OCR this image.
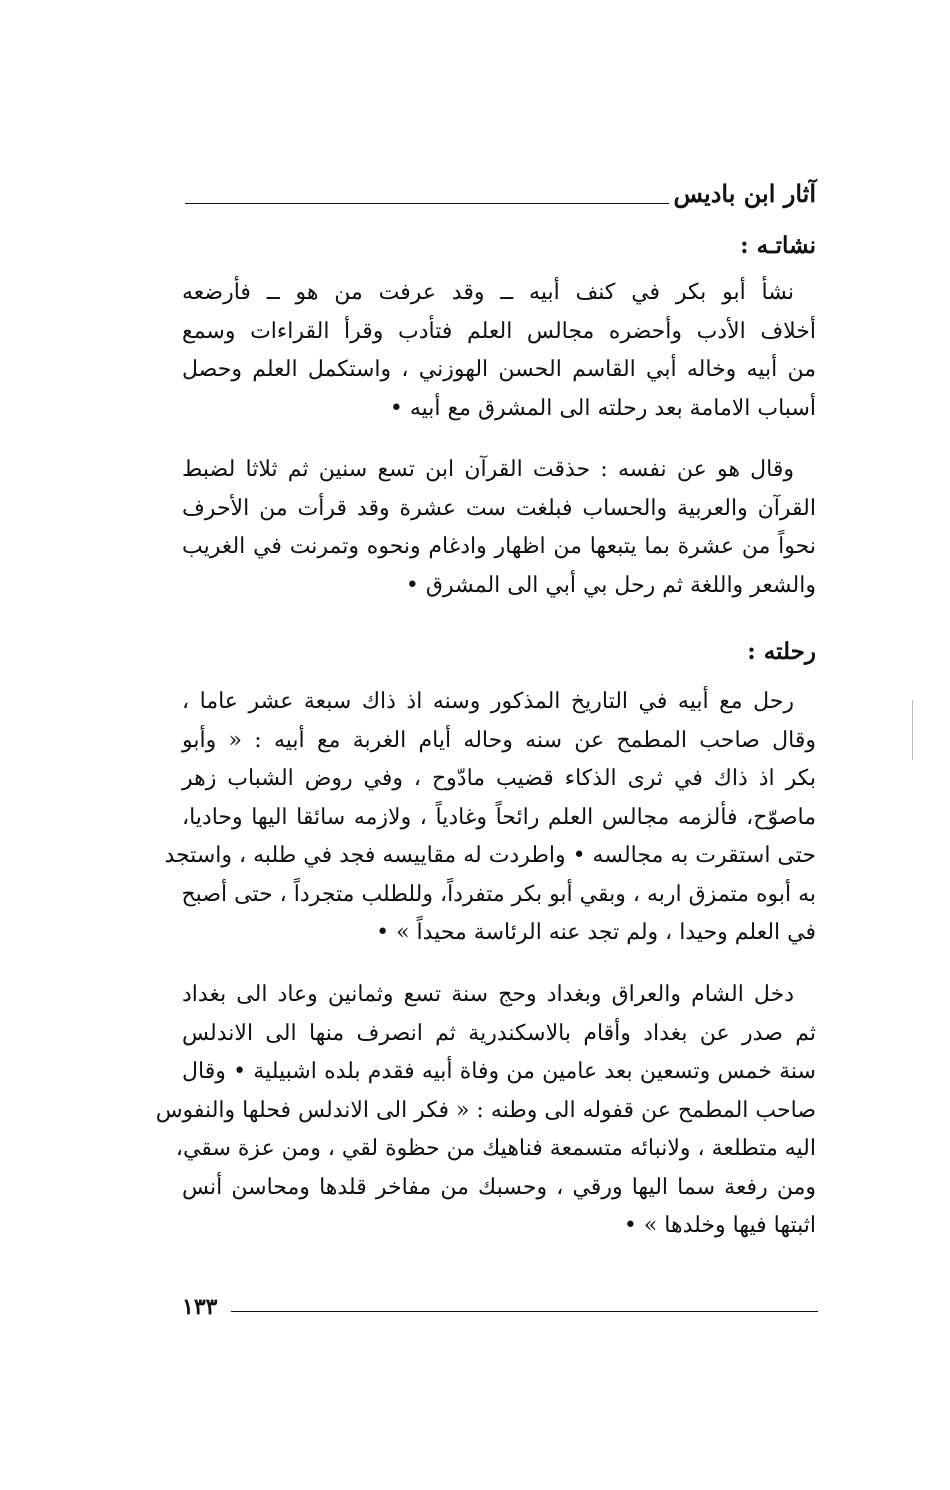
آثار ابن باديس
نشاتـه :
نشأ أبو بكر في كنف أبيه ــ وقد عرفت من هو ــ فأرضعه
أخلاف الأدب وأحضره مجالس العلم فتأدب وقرأ القراءات وسمع
من أبيه وخاله أبي القاسم الحسن الهوزني ، واستكمل العلم وحصل
أسباب الامامة بعد رحلته الى المشرق مع أبيه •
وقال هو عن نفسه : حذقت القرآن ابن تسع سنين ثم ثلاثا لضبط
القرآن والعربية والحساب فبلغت ست عشرة وقد قرأت من الأحرف
نحواً من عشرة بما يتبعها من اظهار وادغام ونحوه وتمرنت في الغريب
والشعر واللغة ثم رحل بي أبي الى المشرق •
رحلته :
رحل مع أبيه في التاريخ المذكور وسنه اذ ذاك سبعة عشر عاما ،
وقال صاحب المطمح عن سنه وحاله أيام الغربة مع أبيه : « وأبو
بكر اذ ذاك في ثرى الذكاء قضيب مادّوح ، وفي روض الشباب زهر
ماصوّح، فألزمه مجالس العلم رائحاً وغادياً ، ولازمه سائقا اليها وحاديا،
حتى استقرت به مجالسه • واطردت له مقاييسه فجد في طلبه ، واستجد
به أبوه متمزق اربه ، وبقي أبو بكر متفرداً، وللطلب متجرداً ، حتى أصبح
في العلم وحيدا ، ولم تجد عنه الرئاسة محيداً » •
دخل الشام والعراق وبغداد وحج سنة تسع وثمانين وعاد الى بغداد
ثم صدر عن بغداد وأقام بالاسكندرية ثم انصرف منها الى الاندلس
سنة خمس وتسعين بعد عامين من وفاة أبيه فقدم بلده اشبيلية • وقال
صاحب المطمح عن قفوله الى وطنه : « فكر الى الاندلس فحلها والنفوس
اليه متطلعة ، ولانبائه متسمعة فناهيك من حظوة لقي ، ومن عزة سقي،
ومن رفعة سما اليها ورقي ، وحسبك من مفاخر قلدها ومحاسن أنس
اثبتها فيها وخلدها » •
١٣٣
